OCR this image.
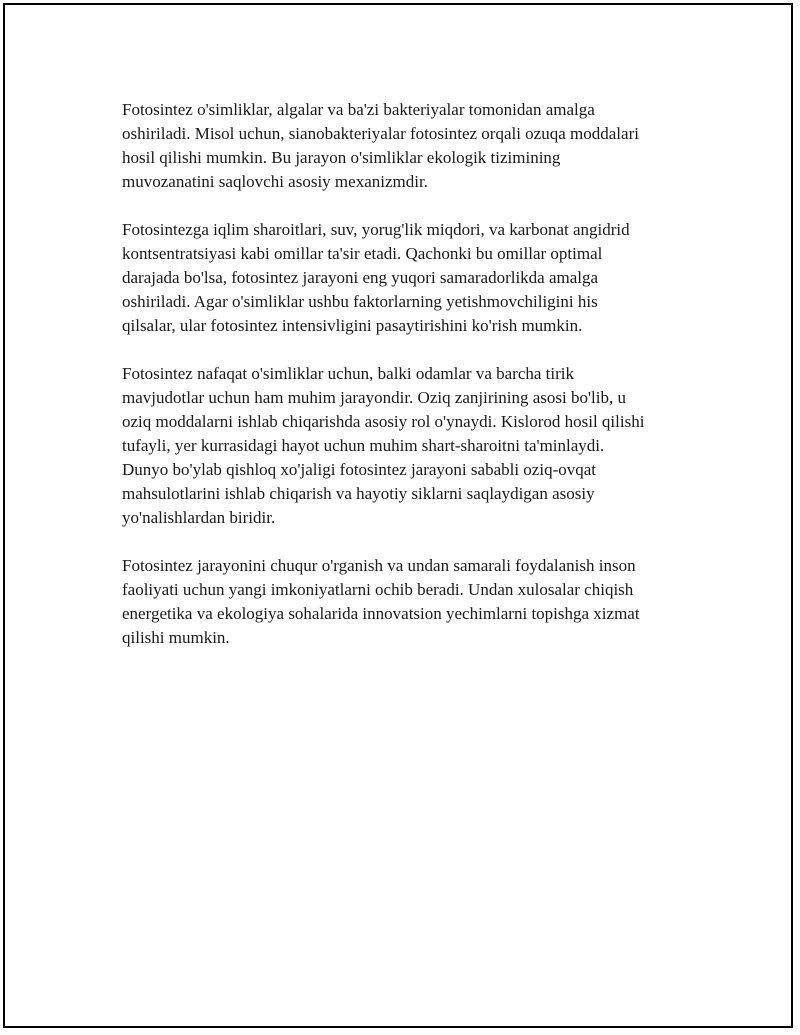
Fotosintez o'simliklar, algalar va ba'zi bakteriyalar tomonidan amalga
oshiriladi. Misol uchun, sianobakteriyalar fotosintez orqali ozuqa moddalari
hosil qilishi mumkin. Bu jarayon o'simliklar ekologik tizimining
muvozanatini saqlovchi asosiy mexanizmdir.

Fotosintezga iqlim sharoitlari, suv, yorug'lik miqdori, va karbonat angidrid
kontsentratsiyasi kabi omillar ta'sir etadi. Qachonki bu omillar optimal
darajada bo'lsa, fotosintez jarayoni eng yuqori samaradorlikda amalga
oshiriladi. Agar o'simliklar ushbu faktorlarning yetishmovchiligini his
qilsalar, ular fotosintez intensivligini pasaytirishini ko'rish mumkin.

Fotosintez nafaqat o'simliklar uchun, balki odamlar va barcha tirik
mavjudotlar uchun ham muhim jarayondir. Oziq zanjirining asosi bo'lib, u
oziq moddalarni ishlab chiqarishda asosiy rol o'ynaydi. Kislorod hosil qilishi
tufayli, yer kurrasidagi hayot uchun muhim shart-sharoitni ta'minlaydi.
Dunyo bo'ylab qishloq xo'jaligi fotosintez jarayoni sababli oziq-ovqat
mahsulotlarini ishlab chiqarish va hayotiy siklarni saqlaydigan asosiy
yo'nalishlardan biridir.

Fotosintez jarayonini chuqur o'rganish va undan samarali foydalanish inson
faoliyati uchun yangi imkoniyatlarni ochib beradi. Undan xulosalar chiqish
energetika va ekologiya sohalarida innovatsion yechimlarni topishga xizmat
qilishi mumkin.
